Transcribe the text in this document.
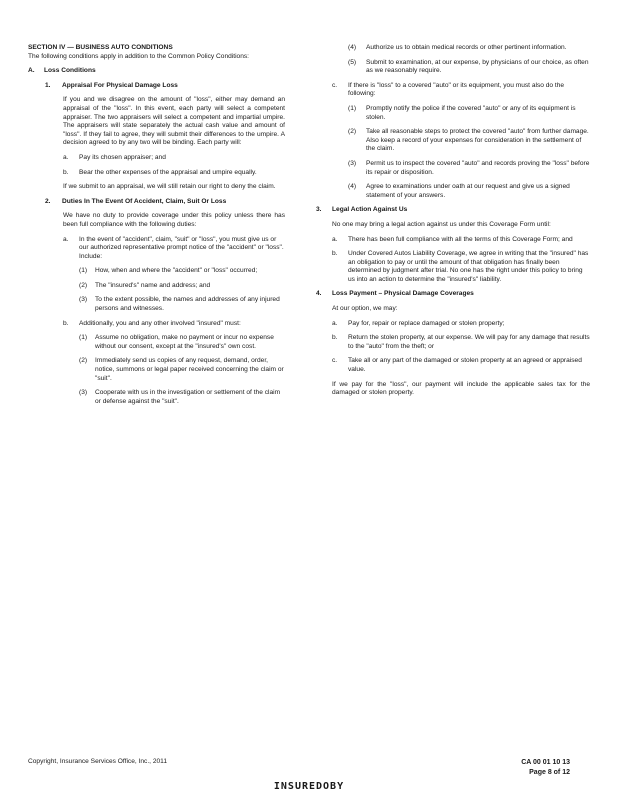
SECTION IV — BUSINESS AUTO CONDITIONS

The following conditions apply in addition to the Common Policy Conditions:

A.	Loss Conditions
1.	Appraisal For Physical Damage Loss

If you and we disagree on the amount of "loss", either may demand an appraisal of the "loss". In this event, each party will select a competent appraiser. The two appraisers will select a competent and impartial umpire. The appraisers will state separately the actual cash value and amount of "loss". If they fail to agree, they will submit their differences to the umpire. A decision agreed to by any two will be binding. Each party will:

a.	Pay its chosen appraiser; and
b.	Bear the other expenses of the appraisal and umpire equally.

If we submit to an appraisal, we will still retain our right to deny the claim.

2.	Duties In The Event Of Accident, Claim, Suit Or Loss

We have no duty to provide coverage under this policy unless there has been full compliance with the following duties:

a.	In the event of "accident", claim, "suit" or "loss", you must give us or our authorized representative prompt notice of the "accident" or "loss". Include:
(1)	How, when and where the "accident" or "loss" occurred;
(2)	The "insured's" name and address; and
(3)	To the extent possible, the names and addresses of any injured persons and witnesses.
b.	Additionally, you and any other involved "insured" must:
(1)	Assume no obligation, make no payment or incur no expense without our consent, except at the "insured's" own cost.
(2)	Immediately send us copies of any request, demand, order, notice, summons or legal paper received concerning the claim or "suit".
(3)	Cooperate with us in the investigation or settlement of the claim or defense against the "suit".
(4)	Authorize us to obtain medical records or other pertinent information.
(5)	Submit to examination, at our expense, by physicians of our choice, as often as we reasonably require.
c.	If there is "loss" to a covered "auto" or its equipment, you must also do the following:
(1)	Promptly notify the police if the covered "auto" or any of its equipment is stolen.
(2)	Take all reasonable steps to protect the covered "auto" from further damage. Also keep a record of your expenses for consideration in the settlement of the claim.
(3)	Permit us to inspect the covered "auto" and records proving the "loss" before its repair or disposition.
(4)	Agree to examinations under oath at our request and give us a signed statement of your answers.
3.	Legal Action Against Us

No one may bring a legal action against us under this Coverage Form until:

a.	There has been full compliance with all the terms of this Coverage Form; and
b.	Under Covered Autos Liability Coverage, we agree in writing that the "insured" has an obligation to pay or until the amount of that obligation has finally been determined by judgment after trial. No one has the right under this policy to bring us into an action to determine the "insured's" liability.
4.	Loss Payment – Physical Damage Coverages

At our option, we may:

a.	Pay for, repair or replace damaged or stolen property;
b.	Return the stolen property, at our expense. We will pay for any damage that results to the "auto" from the theft; or
c.	Take all or any part of the damaged or stolen property at an agreed or appraised value.

If we pay for the "loss", our payment will include the applicable sales tax for the damaged or stolen property.

Copyright, Insurance Services Office, Inc., 2011	CA 00 01 10 13
Page 8 of 12
INSUREDOBY
